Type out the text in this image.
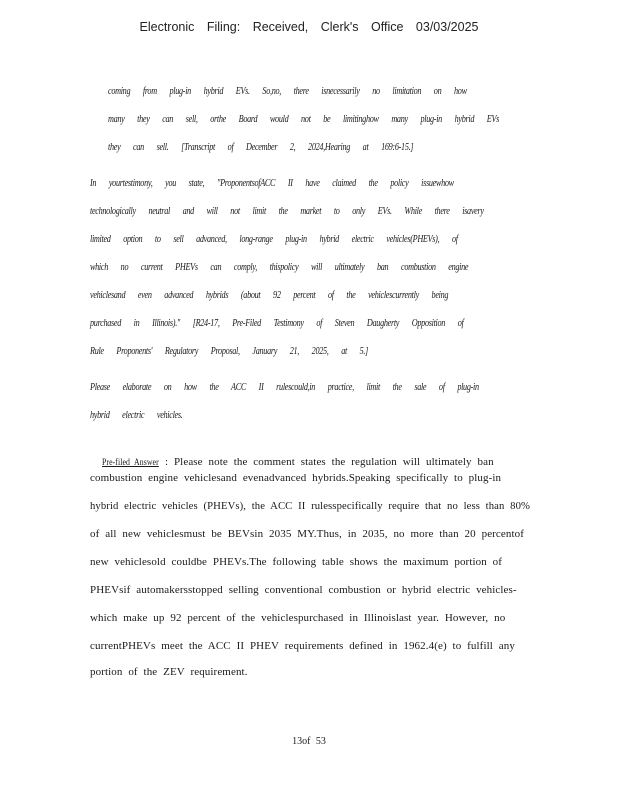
Electronic Filing: Received, Clerk's Office 03/03/2025
coming from plug-in hybrid EVs. So,no, there isnecessarily no limitation on how
many they can sell, orthe Board would not be limitinghow many plug-in hybrid EVs
they can sell. [Transcript of December 2, 2024,Hearing at 169:6-15.]
In yourtestimony, you state, "ProponentsofACC II have claimed the policy issuewhow
technologically neutral and will not limit the market to only EVs. While there isavery
limited option to sell advanced, long-range plug-in hybrid electric vehicles(PHEVs), of
which no current PHEVs can comply, thispolicy will ultimately ban combustion engine
vehiclesand even advanced hybrids (about 92 percent of the vehiclescurrently being
purchased in Illinois)." [R24-17, Pre-Filed Testimony of Steven Daugherty Opposition of
Rule Proponents' Regulatory Proposal, January 21, 2025, at 5.]
Please elaborate on how the ACC II rulescould,in practice, limit the sale of plug-in
hybrid electric vehicles.

Pre-filed Answer : Please note the comment states the regulation will ultimately ban

combustion engine vehiclesand evenadvanced hybrids.Speaking specifically to plug-in
hybrid electric vehicles (PHEVs), the ACC II rulesspecifically require that no less than 80%
of all new vehiclesmust be BEVsin 2035 MY.Thus, in 2035, no more than 20 percentof
new vehiclesold couldbe PHEVs.The following table shows the maximum portion of
PHEVsif automakersstopped selling conventional combustion or hybrid electric vehicles-
which make up 92 percent of the vehiclespurchased in Illinoislast year. However, no
currentPHEVs meet the ACC II PHEV requirements defined in 1962.4(e) to fulfill any
portion of the ZEV requirement.
13of 53
